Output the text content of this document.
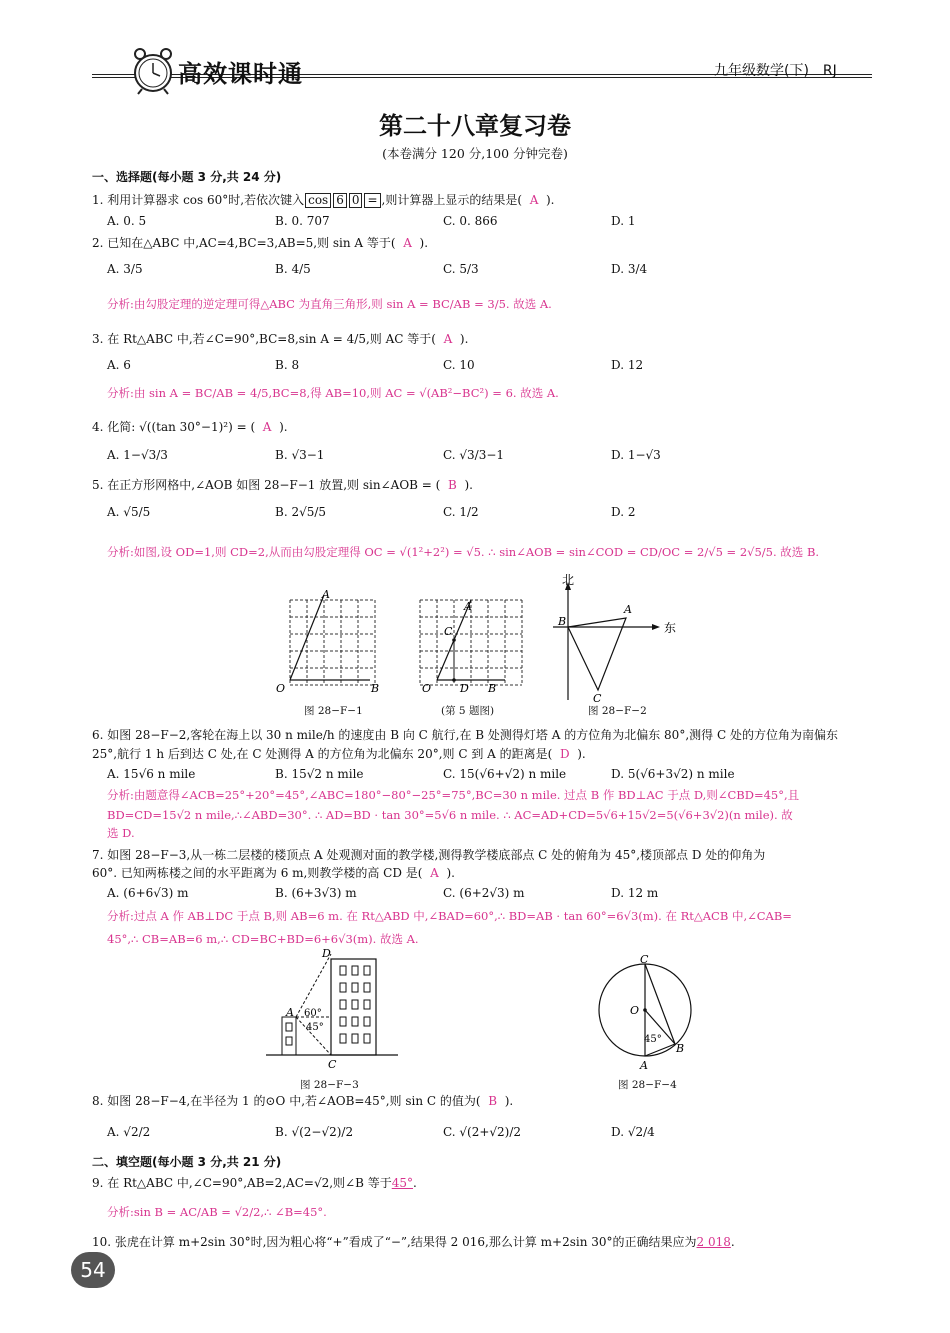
高效课时通	九年级数学(下)　RJ
第二十八章复习卷
(本卷满分 120 分,100 分钟完卷)
一、选择题(每小题 3 分,共 24 分)
1. 利用计算器求 cos 60°时,若依次键入 cos 6 0 = ,则计算器上显示的结果是( A ).
A. 0. 5	B. 0. 707	C. 0. 866	D. 1
2. 已知在△ABC 中,AC=4,BC=3,AB=5,则 sin A 等于( A ).
A. 3/5	B. 4/5	C. 5/3	D. 3/4
分析:由勾股定理的逆定理可得△ABC 为直角三角形,则 sin A = BC/AB = 3/5. 故选 A.
3. 在 Rt△ABC 中,若∠C=90°,BC=8,sin A = 4/5,则 AC 等于( A ).
A. 6	B. 8	C. 10	D. 12
分析:由 sin A = BC/AB = 4/5,BC=8,得 AB=10,则 AC = √(AB²−BC²) = 6. 故选 A.
4. 化简: √((tan 30°−1)²) = ( A ).
A. 1−√3/3	B. √3−1	C. √3/3−1	D. 1−√3
5. 在正方形网格中,∠AOB 如图 28−F−1 放置,则 sin∠AOB = ( B ).
A. √5/5	B. 2√5/5	C. 1/2	D. 2
分析:如图,设 OD=1,则 CD=2,从而由勾股定理得 OC = √(1²+2²) = √5. ∴ sin∠AOB = sin∠COD = CD/OC = 2/√5 = 2√5/5. 故选 B.
O
A
B	O
C
D B
A
北
东
B
A
C
图 28−F−1	(第 5 题图)	图 28−F−2
6. 如图 28−F−2,客轮在海上以 30 n mile/h 的速度由 B 向 C 航行,在 B 处测得灯塔 A 的方位角为北偏东 80°,测得 C 处的方位角为南偏东
25°,航行 1 h 后到达 C 处,在 C 处测得 A 的方位角为北偏东 20°,则 C 到 A 的距离是( D ).
A. 15√6 n mile	B. 15√2 n mile	C. 15(√6+√2) n mile	D. 5(√6+3√2) n mile
分析:由题意得∠ACB=25°+20°=45°,∠ABC=180°−80°−25°=75°,BC=30 n mile. 过点 B 作 BD⊥AC 于点 D,则∠CBD=45°,且
BD=CD=15√2 n mile,∴∠ABD=30°. ∴ AD=BD · tan 30°=5√6 n mile. ∴ AC=AD+CD=5√6+15√2=5(√6+3√2)(n mile). 故
选 D.
7. 如图 28−F−3,从一栋二层楼的楼顶点 A 处观测对面的教学楼,测得教学楼底部点 C 处的俯角为 45°,楼顶部点 D 处的仰角为
60°. 已知两栋楼之间的水平距离为 6 m,则教学楼的高 CD 是( A ).
A. (6+6√3) m	B. (6+3√3) m	C. (6+2√3) m	D. 12 m
分析:过点 A 作 AB⊥DC 于点 B,则 AB=6 m. 在 Rt△ABD 中,∠BAD=60°,∴ BD=AB · tan 60°=6√3(m). 在 Rt△ACB 中,∠CAB=
45°,∴ CB=AB=6 m,∴ CD=BC+BD=6+6√3(m). 故选 A.
A
D
C
60°
45°
图 28−F−3
C
O
45°
B
A
图 28−F−4
8. 如图 28−F−4,在半径为 1 的⊙O 中,若∠AOB=45°,则 sin C 的值为( B ).
A. √2/2	B. √(2−√2)/2	C. √(2+√2)/2	D. √2/4
二、填空题(每小题 3 分,共 21 分)
9. 在 Rt△ABC 中,∠C=90°,AB=2,AC=√2,则∠B 等于45°.
分析:sin B = AC/AB = √2/2,∴ ∠B=45°.
10. 张虎在计算 m+2sin 30°时,因为粗心将“+”看成了“−”,结果得 2 016,那么计算 m+2sin 30°的正确结果应为2 018.
54
